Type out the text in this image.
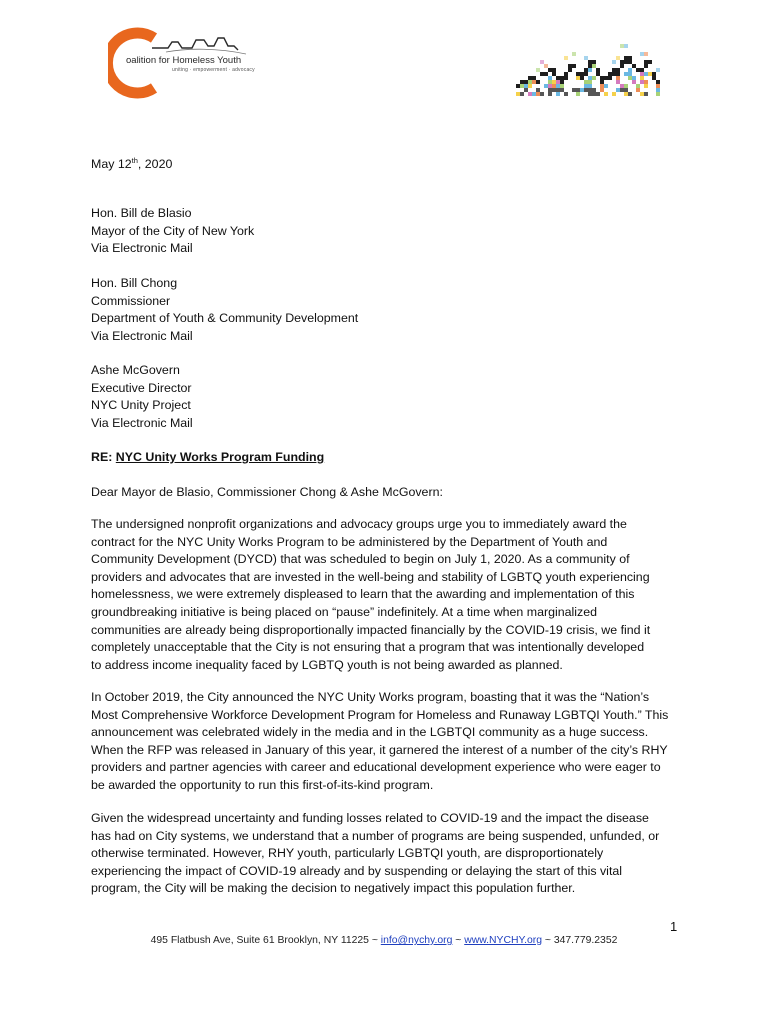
oalition for Homeless Youth
uniting · empowerment · advocacy
May 12th, 2020
Hon. Bill de Blasio
Mayor of the City of New York
Via Electronic Mail
Hon. Bill Chong
Commissioner
Department of Youth & Community Development
Via Electronic Mail
Ashe McGovern
Executive Director
NYC Unity Project
Via Electronic Mail
RE: NYC Unity Works Program Funding
Dear Mayor de Blasio, Commissioner Chong & Ashe McGovern:
The undersigned nonprofit organizations and advocacy groups urge you to immediately award the
contract for the NYC Unity Works Program to be administered by the Department of Youth and
Community Development (DYCD) that was scheduled to begin on July 1, 2020. As a community of
providers and advocates that are invested in the well-being and stability of LGBTQ youth experiencing
homelessness, we were extremely displeased to learn that the awarding and implementation of this
groundbreaking initiative is being placed on “pause” indefinitely. At a time when marginalized
communities are already being disproportionally impacted financially by the COVID-19 crisis, we find it
completely unacceptable that the City is not ensuring that a program that was intentionally developed
to address income inequality faced by LGBTQ youth is not being awarded as planned.
In October 2019, the City announced the NYC Unity Works program, boasting that it was the “Nation’s
Most Comprehensive Workforce Development Program for Homeless and Runaway LGBTQI Youth.” This
announcement was celebrated widely in the media and in the LGBTQI community as a huge success.
When the RFP was released in January of this year, it garnered the interest of a number of the city’s RHY
providers and partner agencies with career and educational development experience who were eager to
be awarded the opportunity to run this first-of-its-kind program.
Given the widespread uncertainty and funding losses related to COVID-19 and the impact the disease
has had on City systems, we understand that a number of programs are being suspended, unfunded, or
otherwise terminated. However, RHY youth, particularly LGBTQI youth, are disproportionately
experiencing the impact of COVID-19 already and by suspending or delaying the start of this vital
program, the City will be making the decision to negatively impact this population further.
1
495 Flatbush Ave, Suite 61 Brooklyn, NY 11225 ~ info@nychy.org ~ www.NYCHY.org ~ 347.779.2352
